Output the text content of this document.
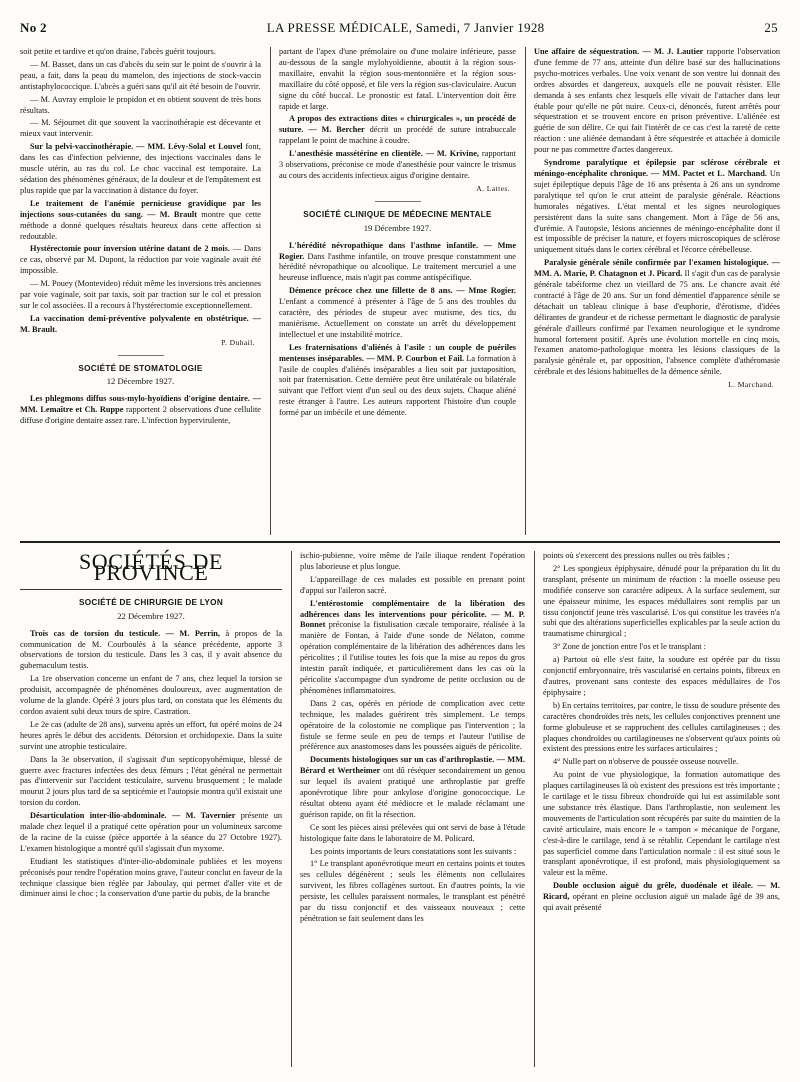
No 2	LA PRESSE MÉDICALE, Samedi, 7 Janvier 1928	25

soit petite et tardive et qu'on draine, l'abcès guérit toujours.

— M. Basset, dans un cas d'abcès du sein sur le point de s'ouvrir à la peau, a fait, dans la peau du mamelon, des injections de stock-vaccin antistaphylococcique. L'abcès a guéri sans qu'il ait été besoin de l'ouvrir.

— M. Auvray emploie le propidon et en obtient souvent de très bons résultats.

— M. Séjournet dit que souvent la vaccinothérapie est décevante et mieux vaut intervenir.

Sur la pelvi-vaccinothérapie. — MM. Lévy-Solal et Louvel font, dans les cas d'infection pelvienne, des injections vaccinales dans le muscle utérin, au ras du col. Le choc vaccinal est temporaire. La sédation des phénomènes généraux, de la douleur et de l'empâtement est plus rapide que par la vaccination à distance du foyer.

Le traitement de l'anémie pernicieuse gravidique par les injections sous-cutanées du sang. — M. Brault montre que cette méthode a donné quelques résultats heureux dans cette affection si redoutable.

Hystérectomie pour inversion utérine datant de 2 mois. — Dans ce cas, observé par M. Dupont, la réduction par voie vaginale avait été impossible.

— M. Pouey (Montevideo) réduit même les inversions très anciennes par voie vaginale, soit par taxis, soit par traction sur le col et pression sur le col associées. Il a recours à l'hystérectomie exceptionnellement.

La vaccination demi-préventive polyvalente en obstétrique. — M. Brault.

P. Duhail.
SOCIÉTÉ DE STOMATOLOGIE
12 Décembre 1927.

Les phlegmons diffus sous-mylo-hyoïdiens d'origine dentaire. — MM. Lemaître et Ch. Ruppe rapportent 2 observations d'une cellulite diffuse d'origine dentaire assez rare. L'infection hypervirulente,

partant de l'apex d'une prémolaire ou d'une molaire inférieure, passe au-dessous de la sangle mylohyoïdienne, aboutit à la région sous-maxillaire, envahit la région sous-mentonnière et la région sous-maxillaire du côté opposé, et file vers la région sus-claviculaire. Aucun signe du côté buccal. Le pronostic est fatal. L'intervention doit être rapide et large.

A propos des extractions dites « chirurgicales », un procédé de suture. — M. Bercher décrit un procédé de suture intrabuccale rappelant le point de machine à coudre.

L'anesthésie massétérine en clientèle. — M. Krivine, rapportant 3 observations, préconise ce mode d'anesthésie pour vaincre le trismus au cours des accidents infectieux aigus d'origine dentaire.

A. Lattes.
SOCIÉTÉ CLINIQUE DE MÉDECINE MENTALE
19 Décembre 1927.

L'hérédité névropathique dans l'asthme infantile. — Mme Rogier. Dans l'asthme infantile, on trouve presque constamment une hérédité névropathique ou alcoolique. Le traitement mercuriel a une heureuse influence, mais n'agit pas comme antispécifique.

Démence précoce chez une fillette de 8 ans. — Mme Rogier. L'enfant a commencé à présenter à l'âge de 5 ans des troubles du caractère, des périodes de stupeur avec mutisme, des tics, du maniérisme. Actuellement on constate un arrêt du développement intellectuel et une instabilité motrice.

Les fraternisations d'aliénés à l'asile : un couple de puériles menteuses inséparables. — MM. P. Courbon et Fail. La formation à l'asile de couples d'aliénés inséparables a lieu soit par juxtaposition, soit par fraternisation. Cette dernière peut être unilatérale ou bilatérale suivant que l'effort vient d'un seul ou des deux sujets. Chaque aliéné reste étranger à l'autre. Les auteurs rapportent l'histoire d'un couple formé par un imbécile et une démente.

Une affaire de séquestration. — M. J. Lautier rapporte l'observation d'une femme de 77 ans, atteinte d'un délire basé sur des hallucinations psycho-motrices verbales. Une voix venant de son ventre lui donnait des ordres absurdes et dangereux, auxquels elle ne pouvait résister. Elle demanda à ses enfants chez lesquels elle vivait de l'attacher dans leur étable pour qu'elle ne pût nuire. Ceux-ci, dénoncés, furent arrêtés pour séquestration et se trouvent encore en prison préventive. L'aliénée est guérie de son délire. Ce qui fait l'intérêt de ce cas c'est la rareté de cette réaction : une aliénée demandant à être séquestrée et attachée à domicile pour ne pas commettre d'actes dangereux.

Syndrome paralytique et épilepsie par sclérose cérébrale et méningo-encéphalite chronique. — MM. Pactet et L. Marchand. Un sujet épileptique depuis l'âge de 16 ans présenta à 26 ans un syndrome paralytique tel qu'on le crut atteint de paralysie générale. Réactions humorales négatives. L'état mental et les signes neurologiques persistèrent dans la suite sans changement. Mort à l'âge de 56 ans, d'urémie. A l'autopsie, lésions anciennes de méningo-encéphalite dont il est impossible de préciser la nature, et foyers microscopiques de sclérose uniquement situés dans le cortex cérébral et l'écorce cérébelleuse.

Paralysie générale sénile confirmée par l'examen histologique. — MM. A. Marie, P. Chatagnon et J. Picard. Il s'agit d'un cas de paralysie générale tabéiforme chez un vieillard de 75 ans. Le chancre avait été contracté à l'âge de 20 ans. Sur un fond démentiel d'apparence sénile se détachait un tableau clinique à base d'euphorie, d'érotisme, d'idées délirantes de grandeur et de richesse permettant le diagnostic de paralysie générale d'ailleurs confirmé par l'examen neurologique et le syndrome humoral fortement positif. Après une évolution mortelle en cinq mois, l'examen anatomo-pathologique montra les lésions classiques de la paralysie générale et, par opposition, l'absence complète d'athéromasie cérébrale et des lésions habituelles de la démence sénile.

L. Marchand.
SOCIÉTÉS DE PROVINCE
SOCIÉTÉ DE CHIRURGIE DE LYON
22 Décembre 1927.

Trois cas de torsion du testicule. — M. Perrin, à propos de la communication de M. Courboulès à la séance précédente, apporte 3 observations de torsion du testicule. Dans les 3 cas, il y avait absence du gubernaculum testis.

La 1re observation concerne un enfant de 7 ans, chez lequel la torsion se produisit, accompagnée de phénomènes douloureux, avec augmentation de volume de la glande. Opéré 3 jours plus tard, on constata que les éléments du cordon avaient subi deux tours de spire. Castration.

Le 2e cas (adulte de 28 ans), survenu après un effort, fut opéré moins de 24 heures après le début des accidents. Détorsion et orchidopexie. Dans la suite survint une atrophie testiculaire.

Dans la 3e observation, il s'agissait d'un septicopyohémique, blessé de guerre avec fractures infectées des deux fémurs ; l'état général ne permettait pas d'intervenir sur l'accident testiculaire, survenu brusquement ; le malade mourut 2 jours plus tard de sa septicémie et l'autopsie montra qu'il existait une torsion du cordon.

Désarticulation inter-ilio-abdominale. — M. Tavernier présente un malade chez lequel il a pratiqué cette opération pour un volumineux sarcome de la racine de la cuisse (pièce apportée à la séance du 27 Octobre 1927). L'examen histologique a montré qu'il s'agissait d'un myxome.

Etudiant les statistiques d'inter-ilio-abdominale publiées et les moyens préconisés pour rendre l'opération moins grave, l'auteur conclut en faveur de la technique classique bien réglée par Jaboulay, qui permet d'aller vite et de diminuer ainsi le choc ; la conservation d'une partie du pubis, de la branche

ischio-pubienne, voire même de l'aile iliaque rendent l'opération plus laborieuse et plus longue.

L'appareillage de ces malades est possible en prenant point d'appui sur l'aileron sacré.

L'entérostomie complémentaire de la libération des adhérences dans les interventions pour péricolite. — M. P. Bonnet préconise la fistulisation cæcale temporaire, réalisée à la manière de Fontan, à l'aide d'une sonde de Nélaton, comme opération complémentaire de la libération des adhérences dans les péricolites ; il l'utilise toutes les fois que la mise au repos du gros intestin paraît indiquée, et particulièrement dans les cas où la péricolite s'accompagne d'un syndrome de petite occlusion ou de phénomènes inflammatoires.

Dans 2 cas, opérés en période de complication avec cette technique, les malades guérirent très simplement. Le temps opératoire de la colostomie ne complique pas l'intervention ; la fistule se ferme seule en peu de temps et l'auteur l'utilise de préférence aux anastomoses dans les poussées aiguës de péricolite.

Documents histologiques sur un cas d'arthroplastie. — MM. Bérard et Wertheimer ont dû réséquer secondairement un genou sur lequel ils avaient pratiqué une arthroplastie par greffe aponévrotique libre pour ankylose d'origine gonococcique. Le résultat obtenu ayant été médiocre et le malade réclamant une guérison rapide, on fit la résection.

Ce sont les pièces ainsi prélevées qui ont servi de base à l'étude histologique faite dans le laboratoire de M. Policard.

Les points importants de leurs constatations sont les suivants :

1° Le transplant aponévrotique meurt en certains points et toutes ses cellules dégénèrent ; seuls les éléments non cellulaires survivent, les fibres collagènes surtout. En d'autres points, la vie persiste, les cellules paraissent normales, le transplant est pénétré par du tissu conjonctif et des vaisseaux nouveaux ; cette pénétration se fait seulement dans les

points où s'exercent des pressions nulles ou très faibles ;

2° Les spongieux épiphysaire, dénudé pour la préparation du lit du transplant, présente un minimum de réaction : la moelle osseuse peu modifiée conserve son caractère adipeux. A la surface seulement, sur une épaisseur minime, les espaces médullaires sont remplis par un tissu conjonctif jeune très vascularisé. L'os qui constitue les travées n'a subi que des altérations superficielles explicables par la seule action du traumatisme chirurgical ;

3° Zone de jonction entre l'os et le transplant :

a) Partout où elle s'est faite, la soudure est opérée par du tissu conjonctif embryonnaire, très vascularisé en certains points, fibreux en d'autres, provenant sans conteste des espaces médullaires de l'os épiphysaire ;

b) En certains territoires, par contre, le tissu de soudure présente des caractères chondroïdes très nets, les cellules conjonctives prennent une forme globuleuse et se rapprochent des cellules cartilagineuses ; des plaques chondroïdes ou cartilagineuses ne s'observent qu'aux points où existent des pressions entre les surfaces articulaires ;

4° Nulle part on n'observe de poussée osseuse nouvelle.

Au point de vue physiologique, la formation automatique des plaques cartilagineuses là où existent des pressions est très importante ; le cartilage et le tissu fibreux chondroïde qui lui est assimilable sont une substance très élastique. Dans l'arthroplastie, non seulement les mouvements de l'articulation sont récupérés par suite du maintien de la cavité articulaire, mais encore le « tampon » mécanique de l'organe, c'est-à-dire le cartilage, tend à se rétablir. Cependant le cartilage n'est pas superficiel comme dans l'articulation normale : il est situé sous le transplant aponévrotique, il est profond, mais physiologiquement sa valeur est la même.

Double occlusion aiguë du grêle, duodénale et iléale. — M. Ricard, opérant en pleine occlusion aiguë un malade âgé de 39 ans, qui avait présenté
